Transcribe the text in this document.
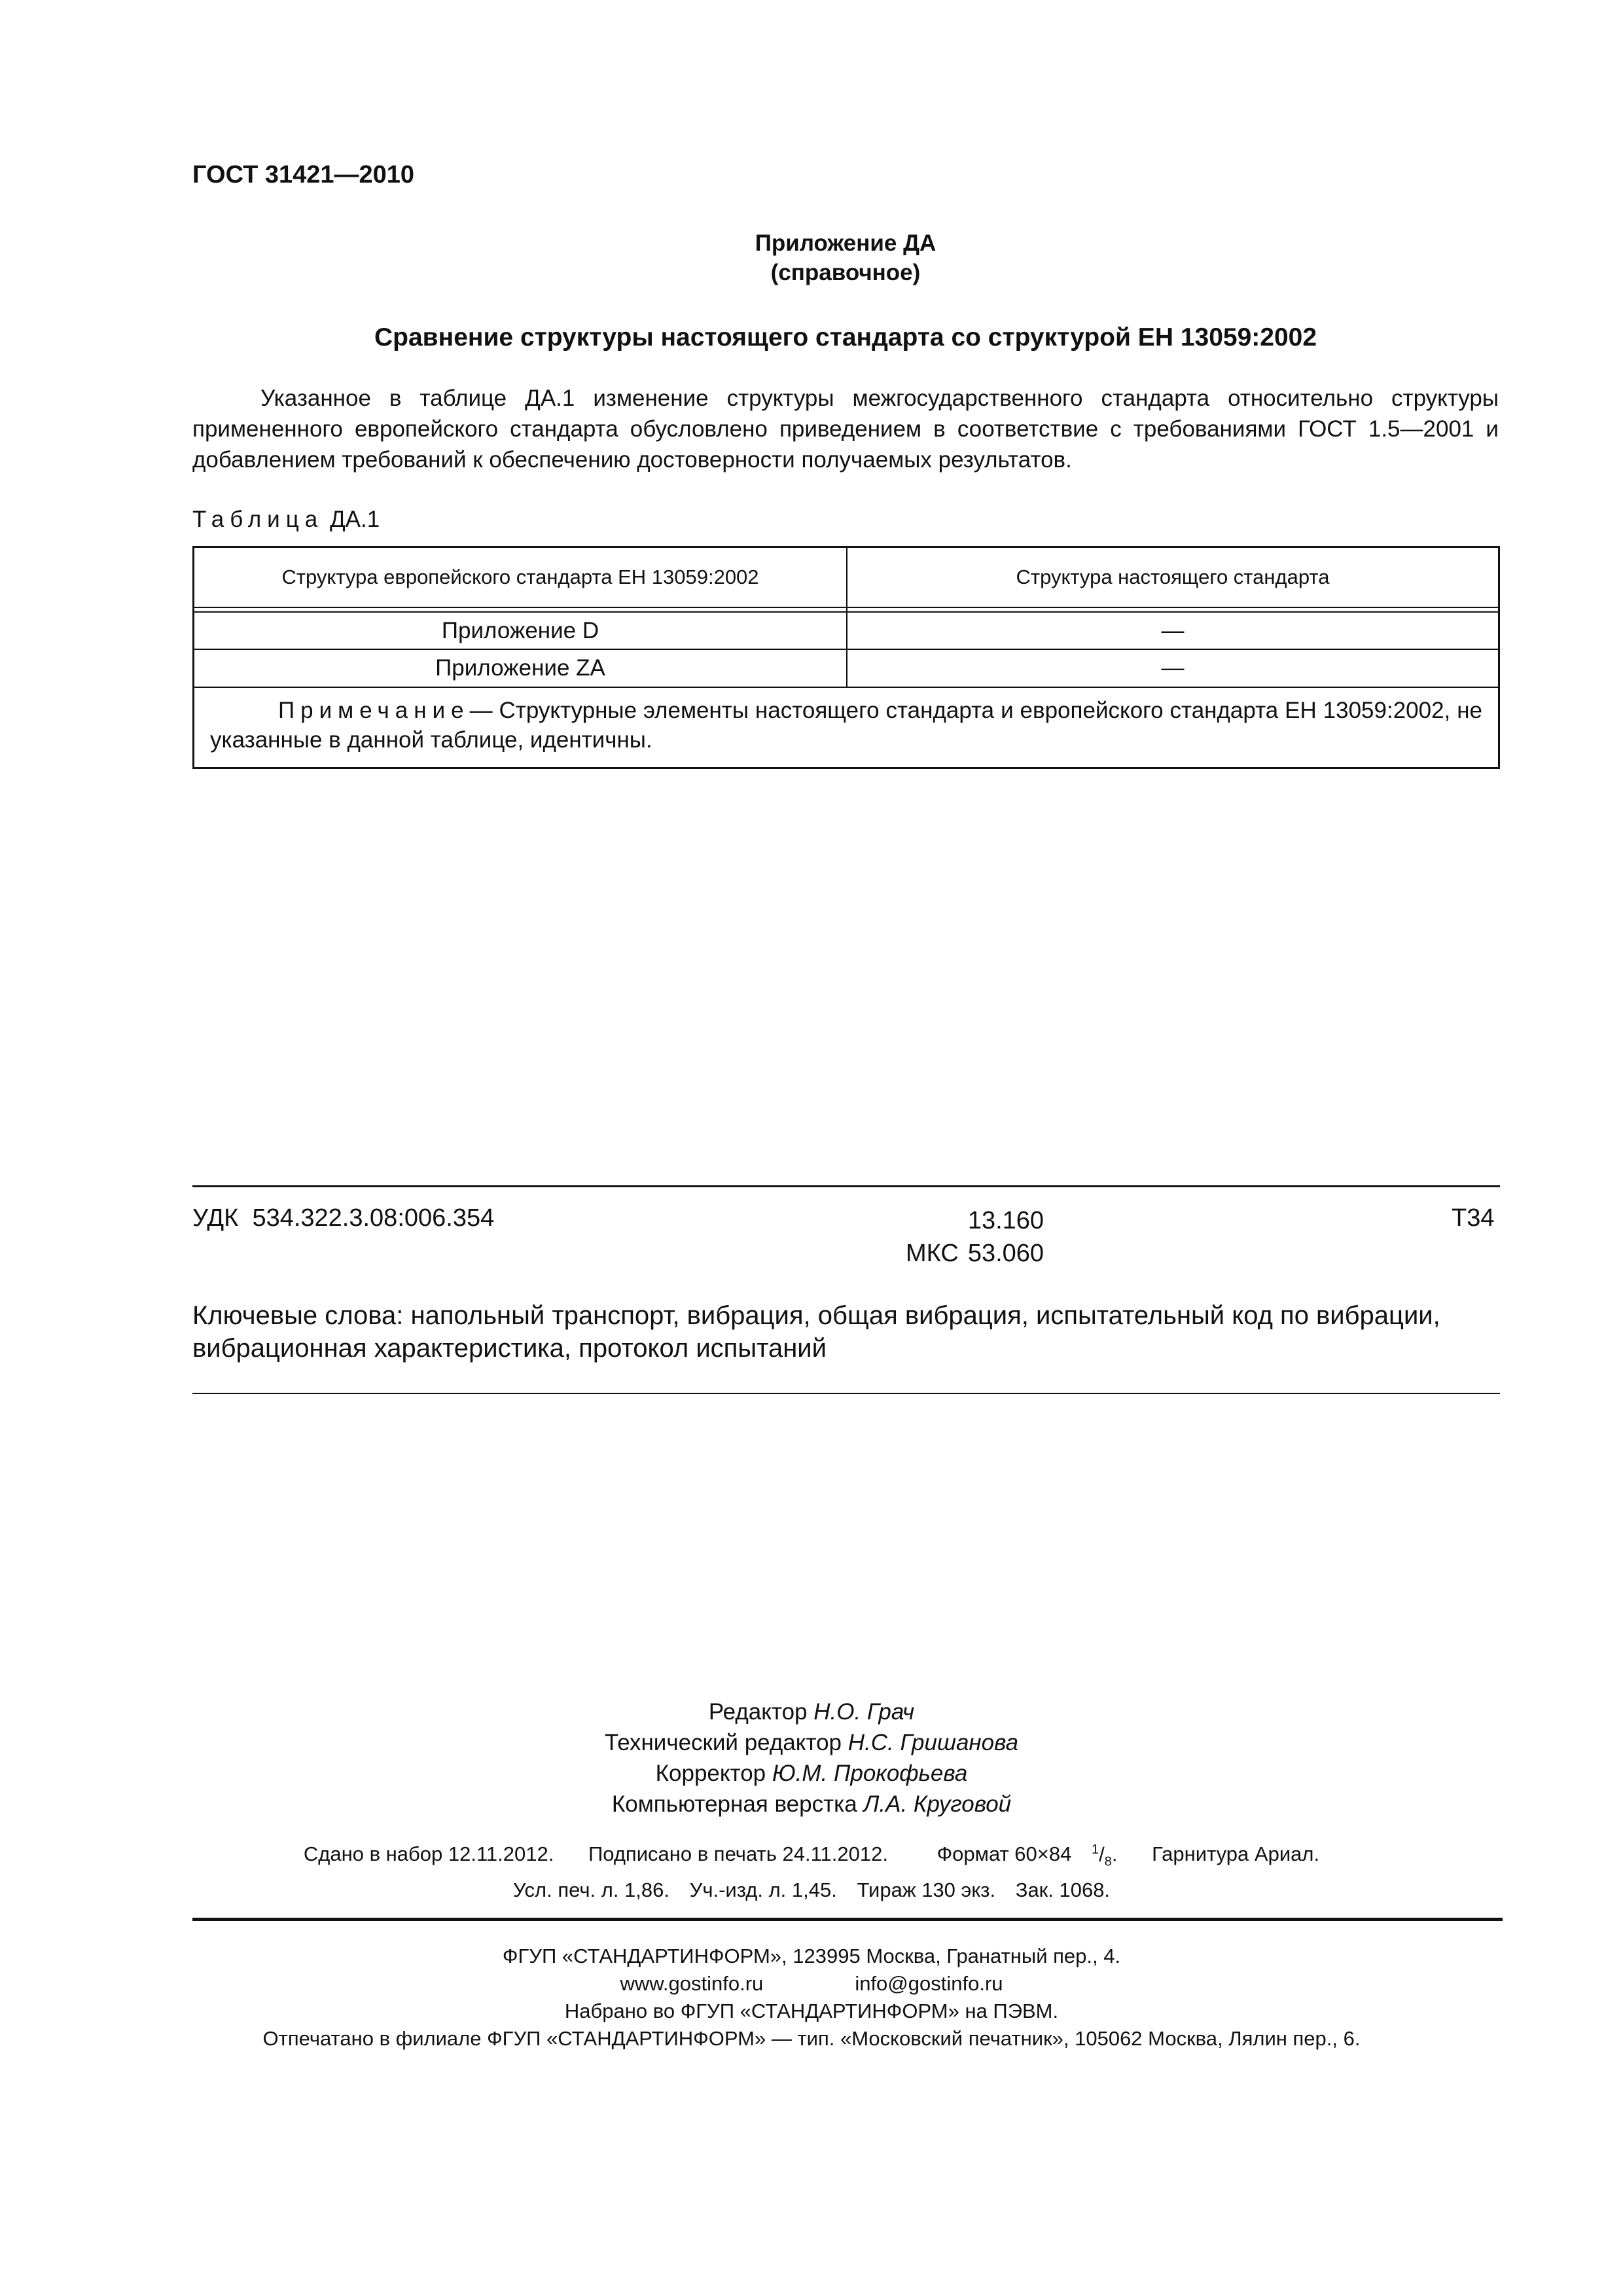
ГОСТ 31421—2010
Приложение ДА
(справочное)
Сравнение структуры настоящего стандарта со структурой ЕН 13059:2002

Указанное в таблице ДА.1 изменение структуры межгосударственного стандарта относительно структуры примененного европейского стандарта обусловлено приведением в соответствие с требованиями ГОСТ 1.5—2001 и добавлением требований к обеспечению достоверности получаемых результатов.

Таблица ДА.1
Структура европейского стандарта ЕН 13059:2002	Структура настоящего стандарта
Приложение D	—
Приложение ZA	—

Примечание— Структурные элементы настоящего стандарта и европейского стандарта ЕН 13059:2002, не указанные в данной таблице, идентичны.

УДК 534.322.3.08:006.354
МКС13.160
53.060
Т34
Ключевые слова: напольный транспорт, вибрация, общая вибрация, испытательный код по вибрации, вибрационная характеристика, протокол испытаний
Редактор Н.О. Грач
Технический редактор Н.С. Гришанова
Корректор Ю.М. Прокофьева
Компьютерная верстка Л.А. Круговой
Сдано в набор 12.11.2012. Подписано в печать 24.11.2012. Формат 60×84 $^1/_8$. Гарнитура Ариал.
Усл. печ. л. 1,86. Уч.-изд. л. 1,45. Тираж 130 экз. Зак. 1068.
ФГУП «СТАНДАРТИНФОРМ», 123995 Москва, Гранатный пер., 4.
www.gostinfo.ru	info@gostinfo.ru
Набрано во ФГУП «СТАНДАРТИНФОРМ» на ПЭВМ.
Отпечатано в филиале ФГУП «СТАНДАРТИНФОРМ» — тип. «Московский печатник», 105062 Москва, Лялин пер., 6.
